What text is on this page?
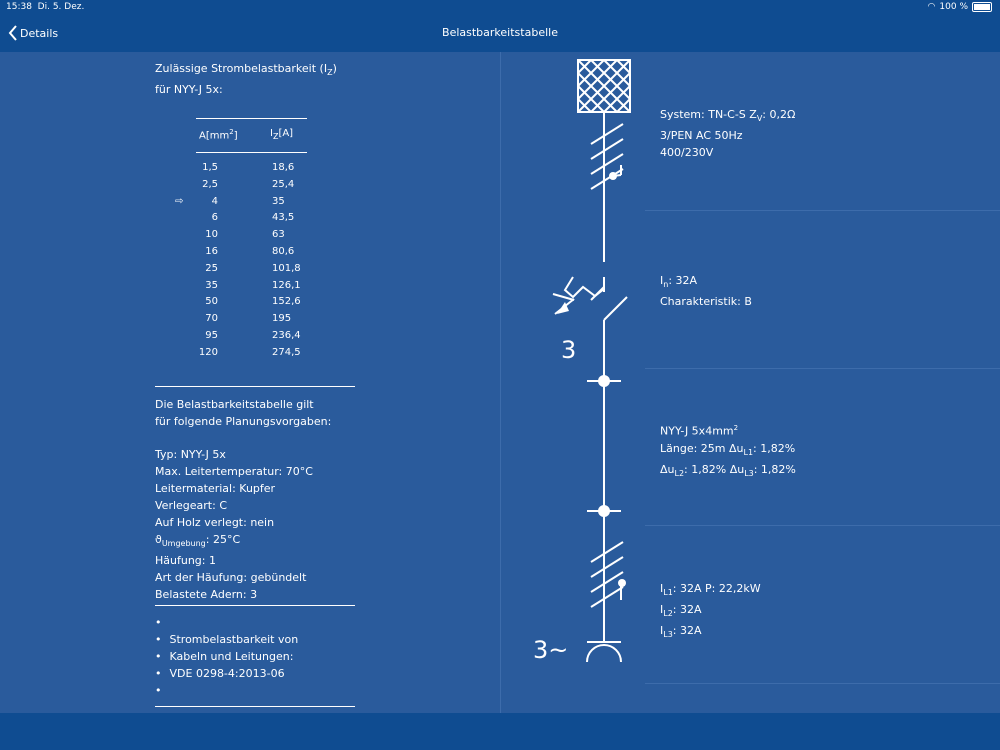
15:38 Di. 5. Dez.	◠ 100 %
Details	Belastbarkeitstabelle
Zulässige Strombelastbarkeit $(I_Z)$
für NYY-J 5x:
$A[mm^2]$	$I_Z[A]$
1,5	18,6
2,5	25,4
⇨	4	35
6	43,5
10	63
16	80,6
25	101,8
35	126,1
50	152,6
70	195
95	236,4
120	274,5
Die Belastbarkeitstabelle gilt
für folgende Planungsvorgaben:
Typ: NYY-J 5x
Max. Leitertemperatur: 70°C
Leitermaterial: Kupfer
Verlegeart: C
Auf Holz verlegt: nein
$ϑ_{Umgebung}$: 25°C
Häufung: 1
Art der Häufung: gebündelt
Belastete Adern: 3
•
• Strombelastbarkeit von
• Kabeln und Leitungen:
• VDE 0298-4:2013-06
•
3
3~
System: TN-C-S $Z_V$: 0,2Ω
3/PEN AC 50Hz
400/230V
$I_n$: 32A
Charakteristik: B
NYY-J $5x4mm^2$
Länge: 25m $\Delta u_{L1}$: 1,82%
$\Delta u_{L2}$: 1,82% $\Delta u_{L3}$: 1,82%
$I_{L1}$: 32A P: 22,2kW
$I_{L2}$: 32A
$I_{L3}$: 32A
